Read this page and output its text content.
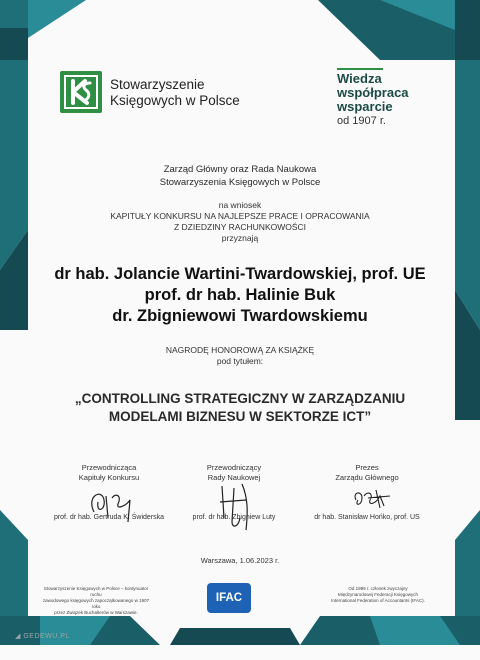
Stowarzyszenie
Księgowych w Polsce
Wiedza
współpraca
wsparcie
od 1907 r.
Zarząd Główny oraz Rada Naukowa
Stowarzyszenia Księgowych w Polsce
na wniosek
KAPITUŁY KONKURSU NA NAJLEPSZE PRACE I OPRACOWANIA
Z DZIEDZINY RACHUNKOWOŚCI
przyznają
dr hab. Jolancie Wartini-Twardowskiej, prof. UE
prof. dr hab. Halinie Buk
dr. Zbigniewowi Twardowskiemu
NAGRODĘ HONOROWĄ ZA KSIĄŻKĘ
pod tytułem:
„CONTROLLING STRATEGICZNY W ZARZĄDZANIU
MODELAMI BIZNESU W SEKTORZE ICT”
Przewodnicząca
Kapituły Konkursu
Przewodniczący
Rady Naukowej
Prezes
Zarządu Głównego
prof. dr hab. Gertruda K. Świderska	prof. dr hab. Zbigniew Luty	dr hab. Stanisław Hońko, prof. US
Warszawa, 1.06.2023 r.
Stowarzyszenie Księgowych w Polsce – kontynuator ruchu
zawodowego księgowych zapoczątkowanego w 1907 roku
przez Związek Buchalterów w Warszawie.
IFAC
Od 1999 r. członek zwyczajny
Międzynarodowej Federacji Księgowych
International Federation of Accountants (IFAC).
◢ GEDEWU.PL
